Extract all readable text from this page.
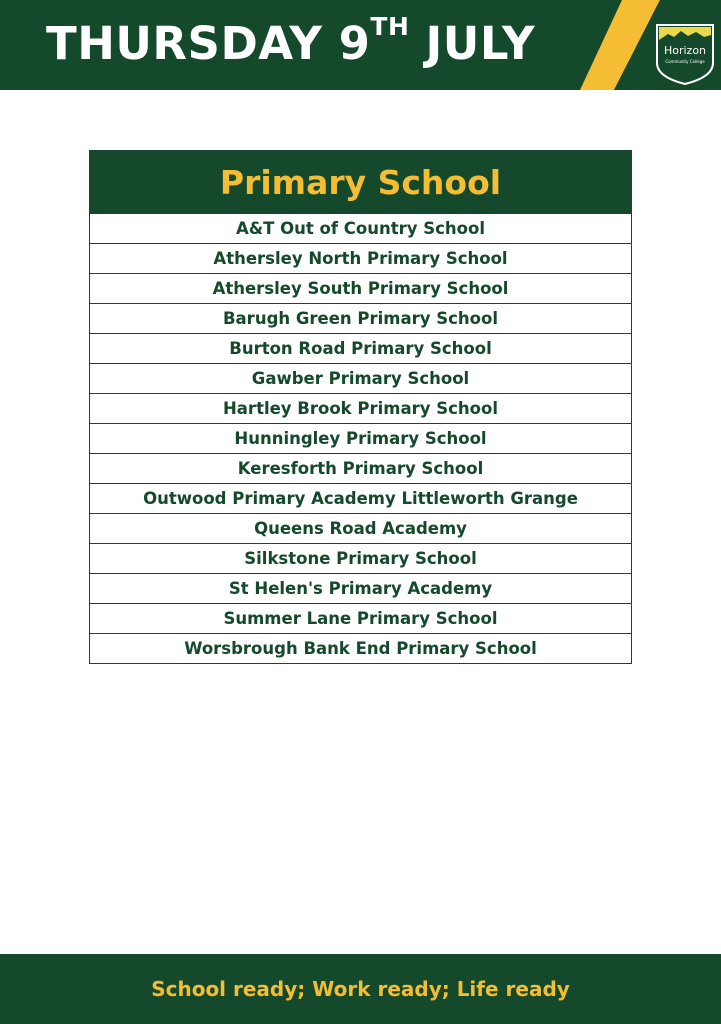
THURSDAY 9TH JULY	Horizon
Community College
Primary School
A&T Out of Country School
Athersley North Primary School
Athersley South Primary School
Barugh Green Primary School
Burton Road Primary School
Gawber Primary School
Hartley Brook Primary School
Hunningley Primary School
Keresforth Primary School
Outwood Primary Academy Littleworth Grange
Queens Road Academy
Silkstone Primary School
St Helen's Primary Academy
Summer Lane Primary School
Worsbrough Bank End Primary School
School ready; Work ready; Life ready
